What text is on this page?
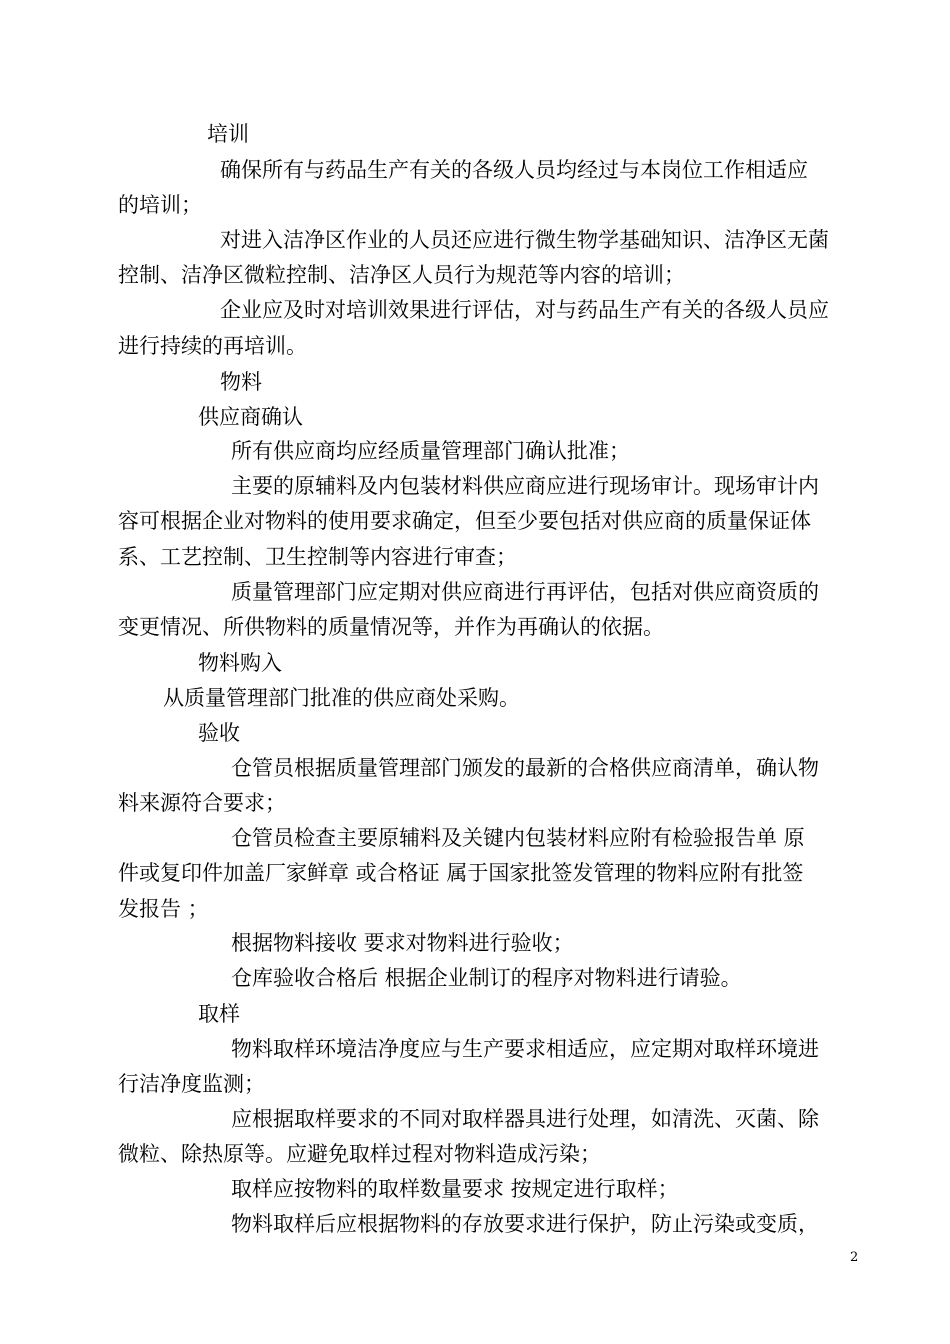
培训
确保所有与药品生产有关的各级人员均经过与本岗位工作相适应
的培训；
对进入洁净区作业的人员还应进行微生物学基础知识、洁净区无菌
控制、洁净区微粒控制、洁净区人员行为规范等内容的培训；
企业应及时对培训效果进行评估，对与药品生产有关的各级人员应
进行持续的再培训。
物料
供应商确认
所有供应商均应经质量管理部门确认批准；
主要的原辅料及内包装材料供应商应进行现场审计。现场审计内
容可根据企业对物料的使用要求确定，但至少要包括对供应商的质量保证体
系、工艺控制、卫生控制等内容进行审查；
质量管理部门应定期对供应商进行再评估，包括对供应商资质的
变更情况、所供物料的质量情况等，并作为再确认的依据。
物料购入
从质量管理部门批准的供应商处采购。
验收
仓管员根据质量管理部门颁发的最新的合格供应商清单，确认物
料来源符合要求；
仓管员检查主要原辅料及关键内包装材料应附有检验报告单 原
件或复印件加盖厂家鲜章 或合格证 属于国家批签发管理的物料应附有批签
发报告 ；
根据物料接收 要求对物料进行验收；
仓库验收合格后 根据企业制订的程序对物料进行请验。
取样
物料取样环境洁净度应与生产要求相适应，应定期对取样环境进
行洁净度监测；
应根据取样要求的不同对取样器具进行处理，如清洗、灭菌、除
微粒、除热原等。应避免取样过程对物料造成污染；
取样应按物料的取样数量要求 按规定进行取样；
物料取样后应根据物料的存放要求进行保护，防止污染或变质，
2
